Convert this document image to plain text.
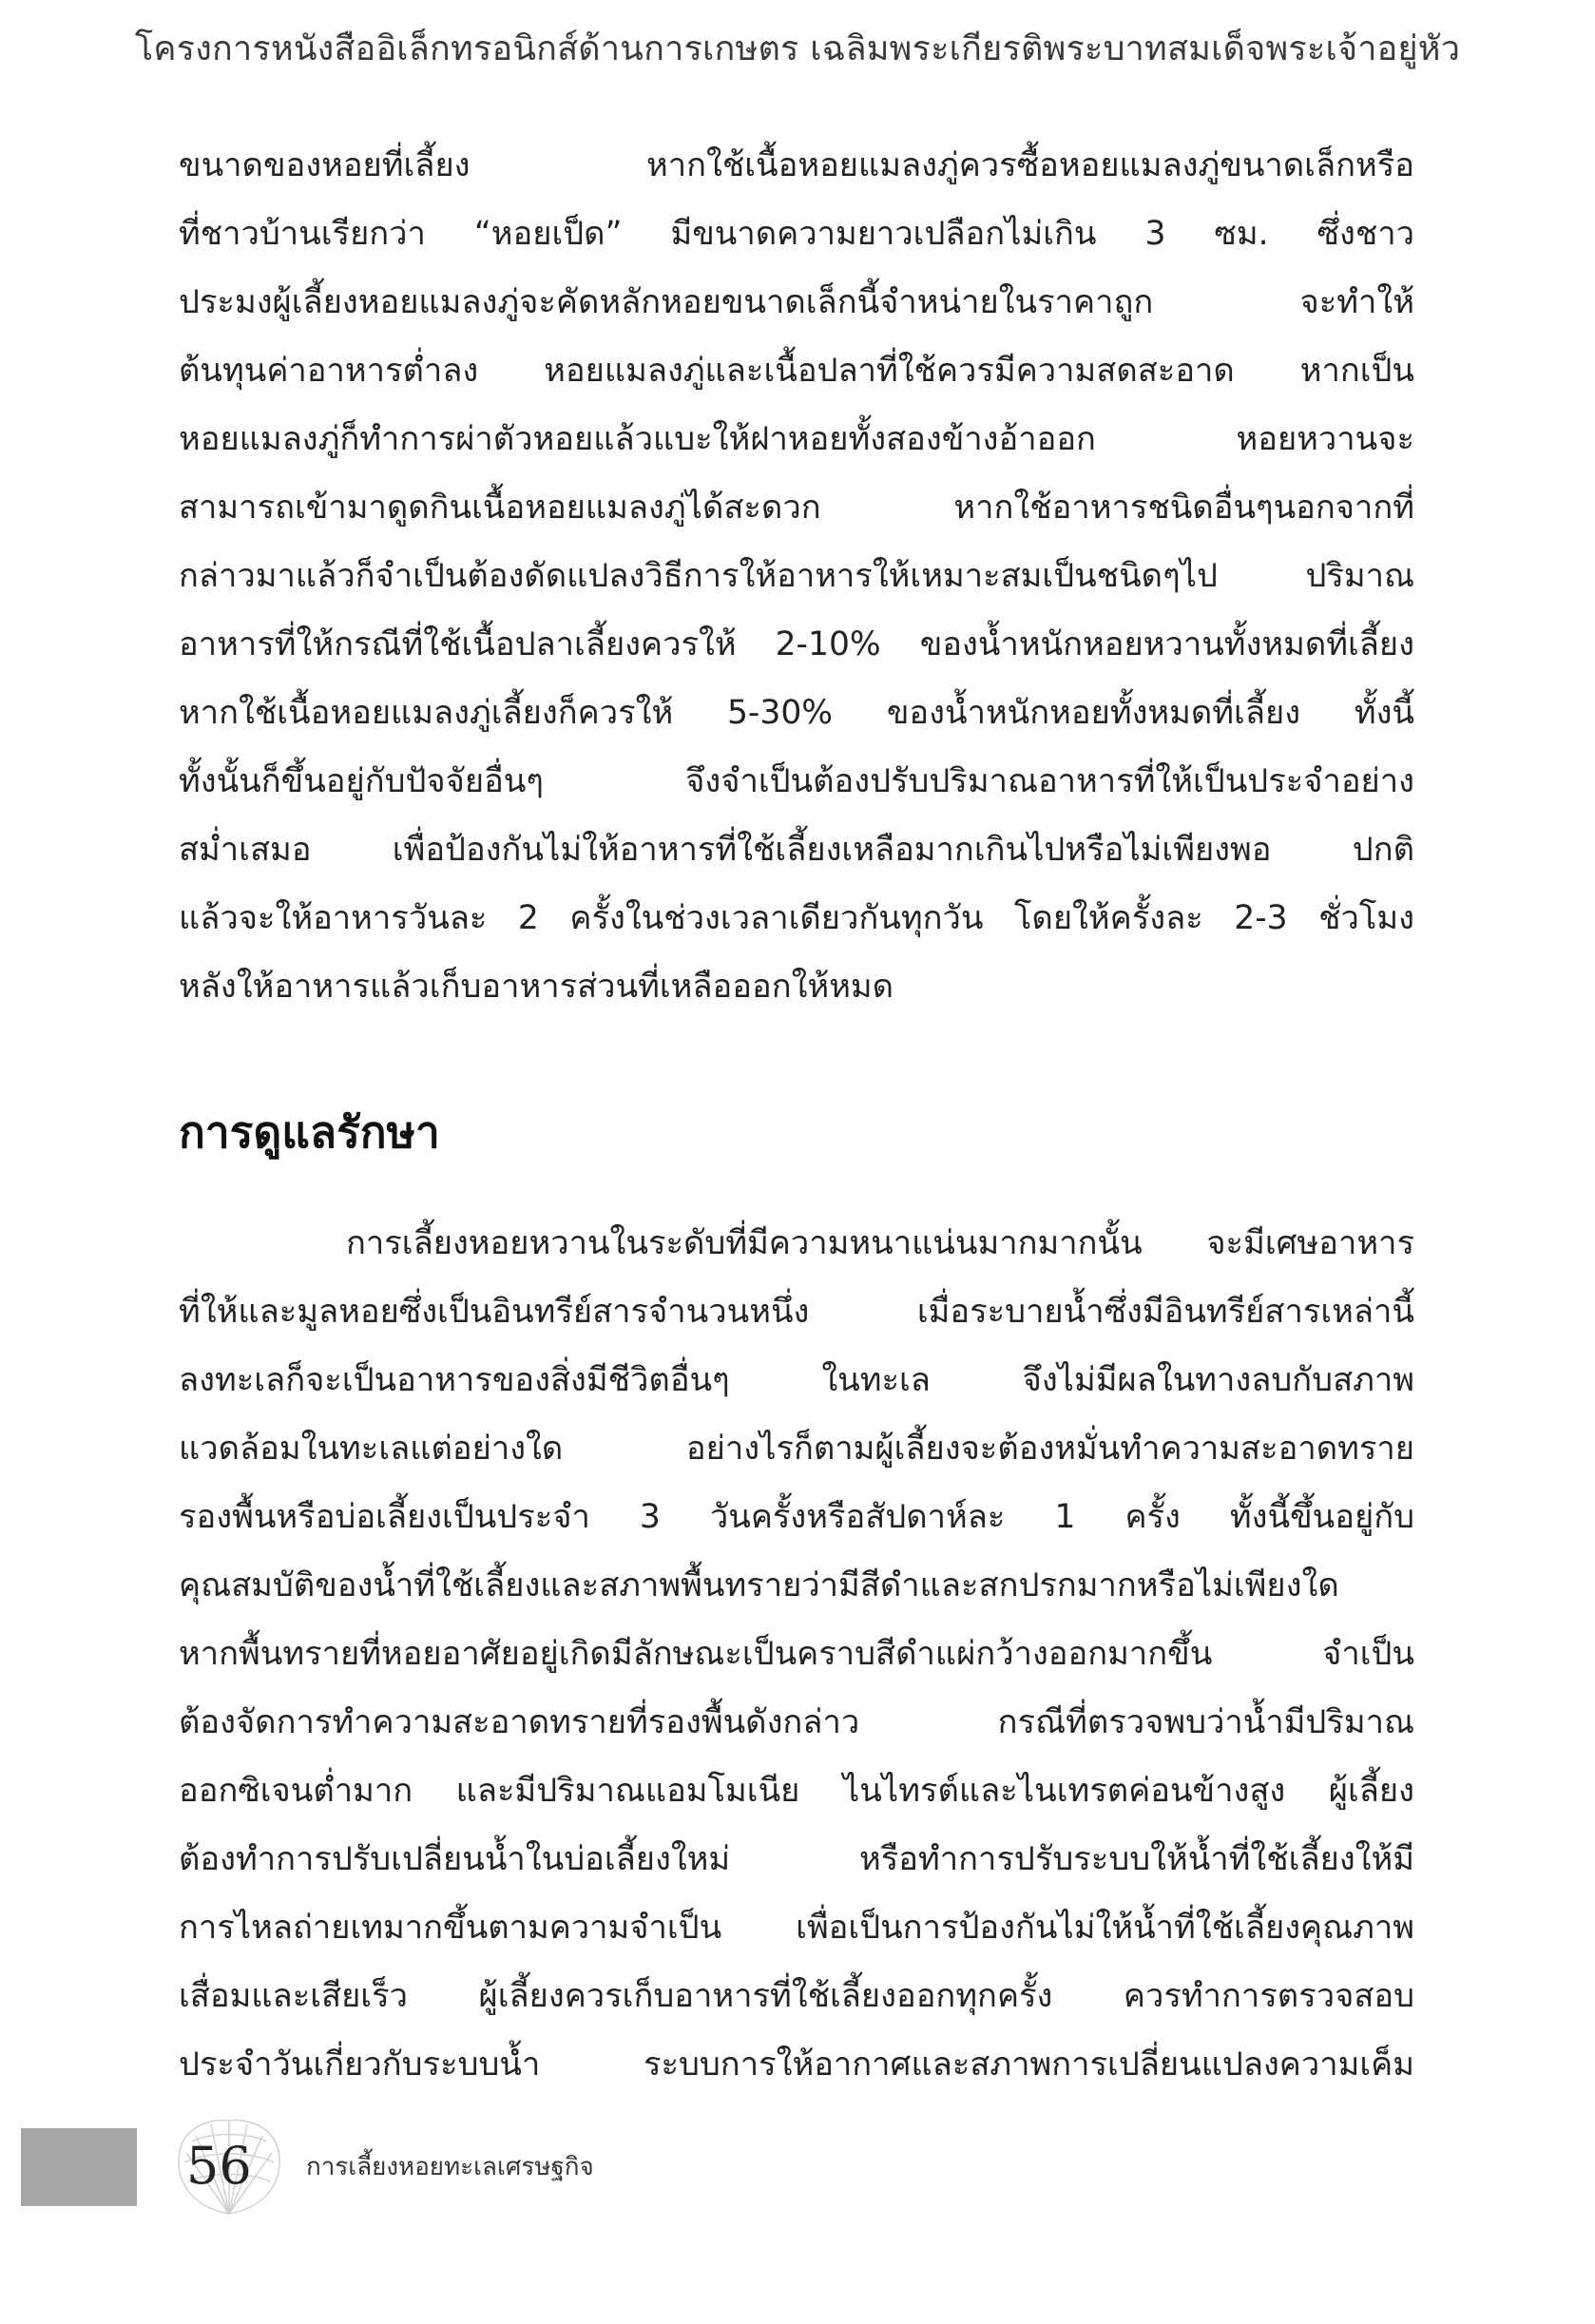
โครงการหนังสืออิเล็กทรอนิกส์ด้านการเกษตร เฉลิมพระเกียรติพระบาทสมเด็จพระเจ้าอยู่หัว
ขนาดของหอยที่เลี้ยง หากใช้เนื้อหอยแมลงภู่ควรซื้อหอยแมลงภู่ขนาดเล็กหรือ
ที่ชาวบ้านเรียกว่า “หอยเป็ด” มีขนาดความยาวเปลือกไม่เกิน 3 ซม. ซึ่งชาว
ประมงผู้เลี้ยงหอยแมลงภู่จะคัดหลักหอยขนาดเล็กนี้จำหน่ายในราคาถูก จะทำให้
ต้นทุนค่าอาหารต่ำลง หอยแมลงภู่และเนื้อปลาที่ใช้ควรมีความสดสะอาด หากเป็น
หอยแมลงภู่ก็ทำการผ่าตัวหอยแล้วแบะให้ฝาหอยทั้งสองข้างอ้าออก หอยหวานจะ
สามารถเข้ามาดูดกินเนื้อหอยแมลงภู่ได้สะดวก หากใช้อาหารชนิดอื่นๆนอกจากที่
กล่าวมาแล้วก็จำเป็นต้องดัดแปลงวิธีการให้อาหารให้เหมาะสมเป็นชนิดๆไป ปริมาณ
อาหารที่ให้กรณีที่ใช้เนื้อปลาเลี้ยงควรให้ 2-10% ของน้ำหนักหอยหวานทั้งหมดที่เลี้ยง
หากใช้เนื้อหอยแมลงภู่เลี้ยงก็ควรให้ 5-30% ของน้ำหนักหอยทั้งหมดที่เลี้ยง ทั้งนี้
ทั้งนั้นก็ขึ้นอยู่กับปัจจัยอื่นๆ จึงจำเป็นต้องปรับปริมาณอาหารที่ให้เป็นประจำอย่าง
สม่ำเสมอ เพื่อป้องกันไม่ให้อาหารที่ใช้เลี้ยงเหลือมากเกินไปหรือไม่เพียงพอ ปกติ
แล้วจะให้อาหารวันละ 2 ครั้งในช่วงเวลาเดียวกันทุกวัน โดยให้ครั้งละ 2-3 ชั่วโมง
หลังให้อาหารแล้วเก็บอาหารส่วนที่เหลือออกให้หมด
การดูแลรักษา
การเลี้ยงหอยหวานในระดับที่มีความหนาแน่นมากมากนั้น จะมีเศษอาหาร
ที่ให้และมูลหอยซึ่งเป็นอินทรีย์สารจำนวนหนึ่ง เมื่อระบายน้ำซึ่งมีอินทรีย์สารเหล่านี้
ลงทะเลก็จะเป็นอาหารของสิ่งมีชีวิตอื่นๆ ในทะเล จึงไม่มีผลในทางลบกับสภาพ
แวดล้อมในทะเลแต่อย่างใด อย่างไรก็ตามผู้เลี้ยงจะต้องหมั่นทำความสะอาดทราย
รองพื้นหรือบ่อเลี้ยงเป็นประจำ 3 วันครั้งหรือสัปดาห์ละ 1 ครั้ง ทั้งนี้ขึ้นอยู่กับ
คุณสมบัติของน้ำที่ใช้เลี้ยงและสภาพพื้นทรายว่ามีสีดำและสกปรกมากหรือไม่เพียงใด
หากพื้นทรายที่หอยอาศัยอยู่เกิดมีลักษณะเป็นคราบสีดำแผ่กว้างออกมากขึ้น จำเป็น
ต้องจัดการทำความสะอาดทรายที่รองพื้นดังกล่าว กรณีที่ตรวจพบว่าน้ำมีปริมาณ
ออกซิเจนต่ำมาก และมีปริมาณแอมโมเนีย ไนไทรต์และไนเทรตค่อนข้างสูง ผู้เลี้ยง
ต้องทำการปรับเปลี่ยนน้ำในบ่อเลี้ยงใหม่ หรือทำการปรับระบบให้น้ำที่ใช้เลี้ยงให้มี
การไหลถ่ายเทมากขึ้นตามความจำเป็น เพื่อเป็นการป้องกันไม่ให้น้ำที่ใช้เลี้ยงคุณภาพ
เสื่อมและเสียเร็ว ผู้เลี้ยงควรเก็บอาหารที่ใช้เลี้ยงออกทุกครั้ง ควรทำการตรวจสอบ
ประจำวันเกี่ยวกับระบบน้ำ ระบบการให้อากาศและสภาพการเปลี่ยนแปลงความเค็ม
56 การเลี้ยงหอยทะเลเศรษฐกิจ
